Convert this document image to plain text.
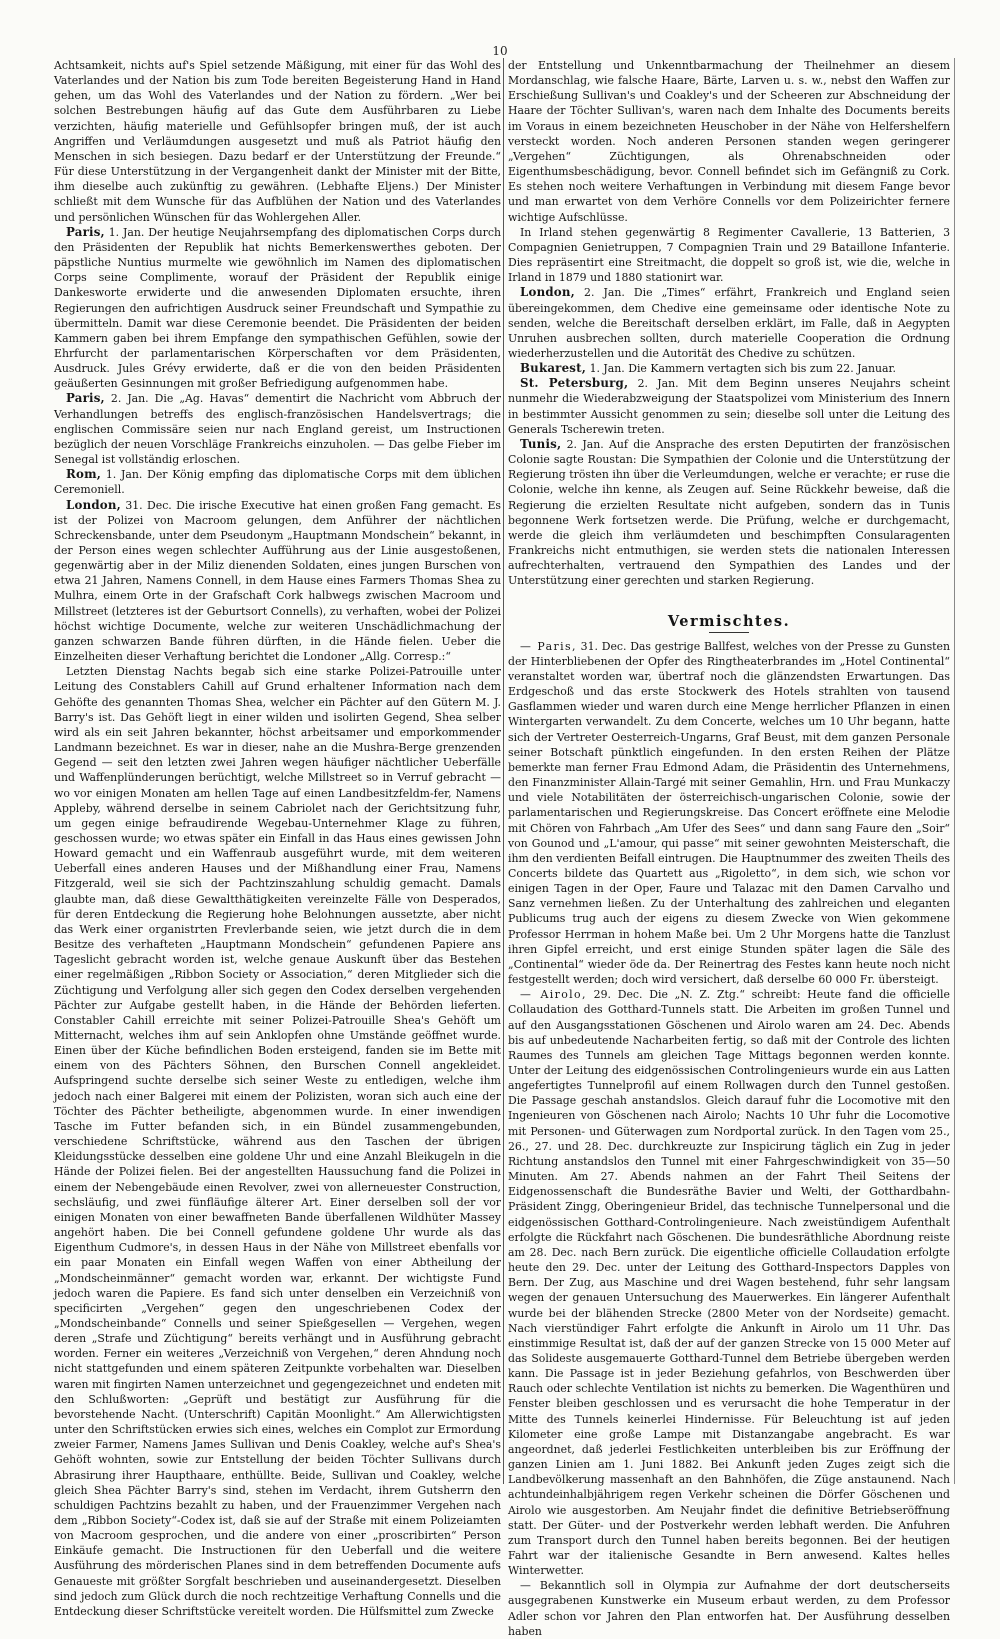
10

Achtsamkeit, nichts auf's Spiel setzende Mäßigung, mit einer für das Wohl des Vaterlandes und der Nation bis zum Tode bereiten Begeisterung Hand in Hand gehen, um das Wohl des Vaterlandes und der Nation zu fördern. „Wer bei solchen Bestrebungen häufig auf das Gute dem Ausführbaren zu Liebe verzichten, häufig materielle und Gefühlsopfer bringen muß, der ist auch Angriffen und Verläumdungen ausgesetzt und muß als Patriot häufig den Menschen in sich besiegen. Dazu bedarf er der Unterstützung der Freunde.“ Für diese Unterstützung in der Vergangenheit dankt der Minister mit der Bitte, ihm dieselbe auch zukünftig zu gewähren. (Lebhafte Eljens.) Der Minister schließt mit dem Wunsche für das Aufblühen der Nation und des Vaterlandes und persönlichen Wünschen für das Wohlergehen Aller.

Paris, 1. Jan. Der heutige Neujahrsempfang des diplomatischen Corps durch den Präsidenten der Republik hat nichts Bemerkenswerthes geboten. Der päpstliche Nuntius murmelte wie gewöhnlich im Namen des diplomatischen Corps seine Complimente, worauf der Präsident der Republik einige Dankesworte erwiderte und die anwesenden Diplomaten ersuchte, ihren Regierungen den aufrichtigen Ausdruck seiner Freundschaft und Sympathie zu übermitteln. Damit war diese Ceremonie beendet. Die Präsidenten der beiden Kammern gaben bei ihrem Empfange den sympathischen Gefühlen, sowie der Ehrfurcht der parlamentarischen Körperschaften vor dem Präsidenten, Ausdruck. Jules Grévy erwiderte, daß er die von den beiden Präsidenten geäußerten Gesinnungen mit großer Befriedigung aufgenommen habe.

Paris, 2. Jan. Die „Ag. Havas“ dementirt die Nachricht vom Abbruch der Verhandlungen betreffs des englisch-französischen Handelsvertrags; die englischen Commissäre seien nur nach England gereist, um Instructionen bezüglich der neuen Vorschläge Frankreichs einzuholen. — Das gelbe Fieber im Senegal ist vollständig erloschen.

Rom, 1. Jan. Der König empfing das diplomatische Corps mit dem üblichen Ceremoniell.

London, 31. Dec. Die irische Executive hat einen großen Fang gemacht. Es ist der Polizei von Macroom gelungen, dem Anführer der nächtlichen Schreckensbande, unter dem Pseudonym „Hauptmann Mondschein“ bekannt, in der Person eines wegen schlechter Aufführung aus der Linie ausgestoßenen, gegenwärtig aber in der Miliz dienenden Soldaten, eines jungen Burschen von etwa 21 Jahren, Namens Connell, in dem Hause eines Farmers Thomas Shea zu Mulhra, einem Orte in der Grafschaft Cork halbwegs zwischen Macroom und Millstreet (letzteres ist der Geburtsort Connells), zu verhaften, wobei der Polizei höchst wichtige Documente, welche zur weiteren Unschädlichmachung der ganzen schwarzen Bande führen dürften, in die Hände fielen. Ueber die Einzelheiten dieser Verhaftung berichtet die Londoner „Allg. Corresp.:“

Letzten Dienstag Nachts begab sich eine starke Polizei-Patrouille unter Leitung des Constablers Cahill auf Grund erhaltener Information nach dem Gehöfte des genannten Thomas Shea, welcher ein Pächter auf den Gütern M. J. Barry's ist. Das Gehöft liegt in einer wilden und isolirten Gegend, Shea selber wird als ein seit Jahren bekannter, höchst arbeitsamer und emporkommender Landmann bezeichnet. Es war in dieser, nahe an die Mushra-Berge grenzenden Gegend — seit den letzten zwei Jahren wegen häufiger nächtlicher Ueberfälle und Waffenplünderungen berüchtigt, welche Millstreet so in Verruf gebracht — wo vor einigen Monaten am hellen Tage auf einen Landbesitzfeldm-fer, Namens Appleby, während derselbe in seinem Cabriolet nach der Gerichtsitzung fuhr, um gegen einige befraudirende Wegebau-Unternehmer Klage zu führen, geschossen wurde; wo etwas später ein Einfall in das Haus eines gewissen John Howard gemacht und ein Waffenraub ausgeführt wurde, mit dem weiteren Ueberfall eines anderen Hauses und der Mißhandlung einer Frau, Namens Fitzgerald, weil sie sich der Pachtzinszahlung schuldig gemacht. Damals glaubte man, daß diese Gewaltthätigkeiten vereinzelte Fälle von Desperados, für deren Entdeckung die Regierung hohe Belohnungen aussetzte, aber nicht das Werk einer organistrten Frevlerbande seien, wie jetzt durch die in dem Besitze des verhafteten „Hauptmann Mondschein“ gefundenen Papiere ans Tageslicht gebracht worden ist, welche genaue Auskunft über das Bestehen einer regelmäßigen „Ribbon Society or Association,“ deren Mitglieder sich die Züchtigung und Verfolgung aller sich gegen den Codex derselben vergehenden Pächter zur Aufgabe gestellt haben, in die Hände der Behörden lieferten. Constabler Cahill erreichte mit seiner Polizei-Patrouille Shea's Gehöft um Mitternacht, welches ihm auf sein Anklopfen ohne Umstände geöffnet wurde. Einen über der Küche befindlichen Boden ersteigend, fanden sie im Bette mit einem von des Pächters Söhnen, den Burschen Connell angekleidet. Aufspringend suchte derselbe sich seiner Weste zu entledigen, welche ihm jedoch nach einer Balgerei mit einem der Polizisten, woran sich auch eine der Töchter des Pächter betheiligte, abgenommen wurde. In einer inwendigen Tasche im Futter befanden sich, in ein Bündel zusammengebunden, verschiedene Schriftstücke, während aus den Taschen der übrigen Kleidungsstücke desselben eine goldene Uhr und eine Anzahl Bleikugeln in die Hände der Polizei fielen. Bei der angestellten Haussuchung fand die Polizei in einem der Nebengebäude einen Revolver, zwei von allerneuester Construction, sechsläufig, und zwei fünfläufige älterer Art. Einer derselben soll der vor einigen Monaten von einer bewaffneten Bande überfallenen Wildhüter Massey angehört haben. Die bei Connell gefundene goldene Uhr wurde als das Eigenthum Cudmore's, in dessen Haus in der Nähe von Millstreet ebenfalls vor ein paar Monaten ein Einfall wegen Waffen von einer Abtheilung der „Mondscheinmänner“ gemacht worden war, erkannt. Der wichtigste Fund jedoch waren die Papiere. Es fand sich unter denselben ein Verzeichniß von specificirten „Vergehen“ gegen den ungeschriebenen Codex der „Mondscheinbande“ Connells und seiner Spießgesellen — Vergehen, wegen deren „Strafe und Züchtigung“ bereits verhängt und in Ausführung gebracht worden. Ferner ein weiteres „Verzeichniß von Vergehen,“ deren Ahndung noch nicht stattgefunden und einem späteren Zeitpunkte vorbehalten war. Dieselben waren mit fingirten Namen unterzeichnet und gegengezeichnet und endeten mit den Schlußworten: „Geprüft und bestätigt zur Ausführung für die bevorstehende Nacht. (Unterschrift) Capitän Moonlight.“ Am Allerwichtigsten unter den Schriftstücken erwies sich eines, welches ein Complot zur Ermordung zweier Farmer, Namens James Sullivan und Denis Coakley, welche auf's Shea's Gehöft wohnten, sowie zur Entstellung der beiden Töchter Sullivans durch Abrasirung ihrer Haupthaare, enthüllte. Beide, Sullivan und Coakley, welche gleich Shea Pächter Barry's sind, stehen im Verdacht, ihrem Gutsherrn den schuldigen Pachtzins bezahlt zu haben, und der Frauenzimmer Vergehen nach dem „Ribbon Society“-Codex ist, daß sie auf der Straße mit einem Polizeiamten von Macroom gesprochen, und die andere von einer „proscribirten“ Person Einkäufe gemacht. Die Instructionen für den Ueberfall und die weitere Ausführung des mörderischen Planes sind in dem betreffenden Documente aufs Genaueste mit größter Sorgfalt beschrieben und auseinandergesetzt. Dieselben sind jedoch zum Glück durch die noch rechtzeitige Verhaftung Connells und die Entdeckung dieser Schriftstücke vereitelt worden. Die Hülfsmittel zum Zwecke

der Entstellung und Unkenntbarmachung der Theilnehmer an diesem Mordanschlag, wie falsche Haare, Bärte, Larven u. s. w., nebst den Waffen zur Erschießung Sullivan's und Coakley's und der Scheeren zur Abschneidung der Haare der Töchter Sullivan's, waren nach dem Inhalte des Documents bereits im Voraus in einem bezeichneten Heuschober in der Nähe von Helfershelfern versteckt worden. Noch anderen Personen standen wegen geringerer „Vergehen“ Züchtigungen, als Ohrenabschneiden oder Eigenthumsbeschädigung, bevor. Connell befindet sich im Gefängniß zu Cork. Es stehen noch weitere Verhaftungen in Verbindung mit diesem Fange bevor und man erwartet von dem Verhöre Connells vor dem Polizeirichter fernere wichtige Aufschlüsse.

In Irland stehen gegenwärtig 8 Regimenter Cavallerie, 13 Batterien, 3 Compagnien Genietruppen, 7 Compagnien Train und 29 Bataillone Infanterie. Dies repräsentirt eine Streitmacht, die doppelt so groß ist, wie die, welche in Irland in 1879 und 1880 stationirt war.

London, 2. Jan. Die „Times“ erfährt, Frankreich und England seien übereingekommen, dem Chedive eine gemeinsame oder identische Note zu senden, welche die Bereitschaft derselben erklärt, im Falle, daß in Aegypten Unruhen ausbrechen sollten, durch materielle Cooperation die Ordnung wiederherzustellen und die Autorität des Chedive zu schützen.

Bukarest, 1. Jan. Die Kammern vertagten sich bis zum 22. Januar.

St. Petersburg, 2. Jan. Mit dem Beginn unseres Neujahrs scheint nunmehr die Wiederabzweigung der Staatspolizei vom Ministerium des Innern in bestimmter Aussicht genommen zu sein; dieselbe soll unter die Leitung des Generals Tscherewin treten.

Tunis, 2. Jan. Auf die Ansprache des ersten Deputirten der französischen Colonie sagte Roustan: Die Sympathien der Colonie und die Unterstützung der Regierung trösten ihn über die Verleumdungen, welche er verachte; er ruse die Colonie, welche ihn kenne, als Zeugen auf. Seine Rückkehr beweise, daß die Regierung die erzielten Resultate nicht aufgeben, sondern das in Tunis begonnene Werk fortsetzen werde. Die Prüfung, welche er durchgemacht, werde die gleich ihm verläumdeten und beschimpften Consularagenten Frankreichs nicht entmuthigen, sie werden stets die nationalen Interessen aufrechterhalten, vertrauend den Sympathien des Landes und der Unterstützung einer gerechten und starken Regierung.

Vermischtes.

— Paris, 31. Dec. Das gestrige Ballfest, welches von der Presse zu Gunsten der Hinterbliebenen der Opfer des Ringtheaterbrandes im „Hotel Continental“ veranstaltet worden war, übertraf noch die glänzendsten Erwartungen. Das Erdgeschoß und das erste Stockwerk des Hotels strahlten von tausend Gasflammen wieder und waren durch eine Menge herrlicher Pflanzen in einen Wintergarten verwandelt. Zu dem Concerte, welches um 10 Uhr begann, hatte sich der Vertreter Oesterreich-Ungarns, Graf Beust, mit dem ganzen Personale seiner Botschaft pünktlich eingefunden. In den ersten Reihen der Plätze bemerkte man ferner Frau Edmond Adam, die Präsidentin des Unternehmens, den Finanzminister Allain-Targé mit seiner Gemahlin, Hrn. und Frau Munkaczy und viele Notabilitäten der österreichisch-ungarischen Colonie, sowie der parlamentarischen und Regierungskreise. Das Concert eröffnete eine Melodie mit Chören von Fahrbach „Am Ufer des Sees“ und dann sang Faure den „Soir“ von Gounod und „L'amour, qui passe“ mit seiner gewohnten Meisterschaft, die ihm den verdienten Beifall eintrugen. Die Hauptnummer des zweiten Theils des Concerts bildete das Quartett aus „Rigoletto“, in dem sich, wie schon vor einigen Tagen in der Oper, Faure und Talazac mit den Damen Carvalho und Sanz vernehmen ließen. Zu der Unterhaltung des zahlreichen und eleganten Publicums trug auch der eigens zu diesem Zwecke von Wien gekommene Professor Herrman in hohem Maße bei. Um 2 Uhr Morgens hatte die Tanzlust ihren Gipfel erreicht, und erst einige Stunden später lagen die Säle des „Continental“ wieder öde da. Der Reinertrag des Festes kann heute noch nicht festgestellt werden; doch wird versichert, daß derselbe 60 000 Fr. übersteigt.

— Airolo, 29. Dec. Die „N. Z. Ztg.“ schreibt: Heute fand die officielle Collaudation des Gotthard-Tunnels statt. Die Arbeiten im großen Tunnel und auf den Ausgangsstationen Göschenen und Airolo waren am 24. Dec. Abends bis auf unbedeutende Nacharbeiten fertig, so daß mit der Controle des lichten Raumes des Tunnels am gleichen Tage Mittags begonnen werden konnte. Unter der Leitung des eidgenössischen Controlingenieurs wurde ein aus Latten angefertigtes Tunnelprofil auf einem Rollwagen durch den Tunnel gestoßen. Die Passage geschah anstandslos. Gleich darauf fuhr die Locomotive mit den Ingenieuren von Göschenen nach Airolo; Nachts 10 Uhr fuhr die Locomotive mit Personen- und Güterwagen zum Nordportal zurück. In den Tagen vom 25., 26., 27. und 28. Dec. durchkreuzte zur Inspicirung täglich ein Zug in jeder Richtung anstandslos den Tunnel mit einer Fahrgeschwindigkeit von 35—50 Minuten. Am 27. Abends nahmen an der Fahrt Theil Seitens der Eidgenossenschaft die Bundesräthe Bavier und Welti, der Gotthardbahn-Präsident Zingg, Oberingenieur Bridel, das technische Tunnelpersonal und die eidgenössischen Gotthard-Controlingenieure. Nach zweistündigem Aufenthalt erfolgte die Rückfahrt nach Göschenen. Die bundesräthliche Abordnung reiste am 28. Dec. nach Bern zurück. Die eigentliche officielle Collaudation erfolgte heute den 29. Dec. unter der Leitung des Gotthard-Inspectors Dapples von Bern. Der Zug, aus Maschine und drei Wagen bestehend, fuhr sehr langsam wegen der genauen Untersuchung des Mauerwerkes. Ein längerer Aufenthalt wurde bei der blähenden Strecke (2800 Meter von der Nordseite) gemacht. Nach vierstündiger Fahrt erfolgte die Ankunft in Airolo um 11 Uhr. Das einstimmige Resultat ist, daß der auf der ganzen Strecke von 15 000 Meter auf das Solideste ausgemauerte Gotthard-Tunnel dem Betriebe übergeben werden kann. Die Passage ist in jeder Beziehung gefahrlos, von Beschwerden über Rauch oder schlechte Ventilation ist nichts zu bemerken. Die Wagenthüren und Fenster bleiben geschlossen und es verursacht die hohe Temperatur in der Mitte des Tunnels keinerlei Hindernisse. Für Beleuchtung ist auf jeden Kilometer eine große Lampe mit Distanzangabe angebracht. Es war angeordnet, daß jederlei Festlichkeiten unterbleiben bis zur Eröffnung der ganzen Linien am 1. Juni 1882. Bei Ankunft jeden Zuges zeigt sich die Landbevölkerung massenhaft an den Bahnhöfen, die Züge anstaunend. Nach achtundeinhalbjährigem regen Verkehr scheinen die Dörfer Göschenen und Airolo wie ausgestorben. Am Neujahr findet die definitive Betriebseröffnung statt. Der Güter- und der Postverkehr werden lebhaft werden. Die Anfuhren zum Transport durch den Tunnel haben bereits begonnen. Bei der heutigen Fahrt war der italienische Gesandte in Bern anwesend. Kaltes helles Winterwetter.

— Bekanntlich soll in Olympia zur Aufnahme der dort deutscherseits ausgegrabenen Kunstwerke ein Museum erbaut werden, zu dem Professor Adler schon vor Jahren den Plan entworfen hat. Der Ausführung desselben haben
